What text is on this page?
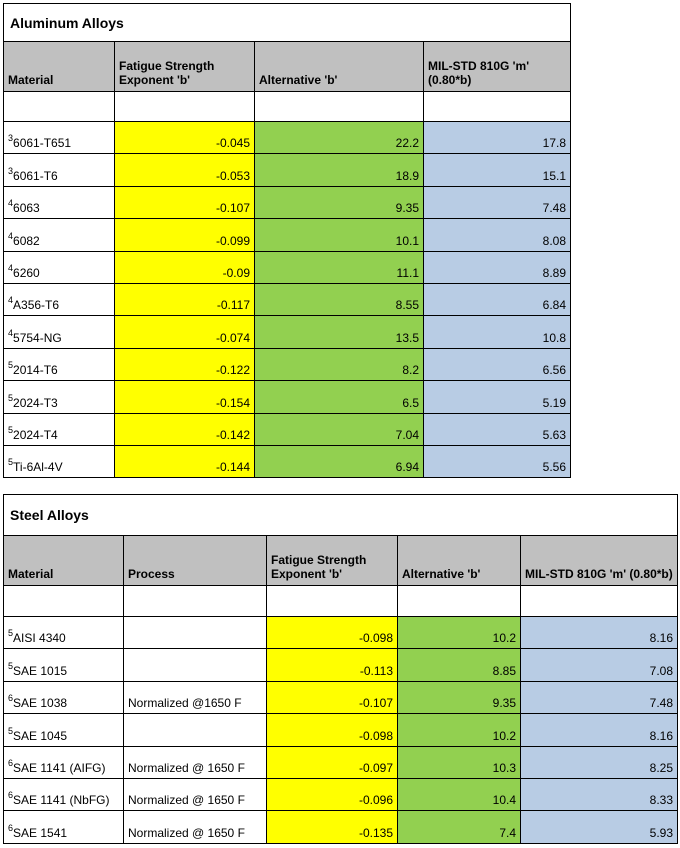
Aluminum Alloys			
Material	Fatigue Strength Exponent 'b'	Alternative 'b'	MIL-STD 810G 'm' (0.80*b)

$^3$6061-T651	-0.045	22.2	17.8
$^3$6061-T6	-0.053	18.9	15.1
$^4$6063	-0.107	9.35	7.48
$^4$6082	-0.099	10.1	8.08
$^4$6260	-0.09	11.1	8.89
$^4$A356-T6	-0.117	8.55	6.84
$^4$5754-NG	-0.074	13.5	10.8
$^5$2014-T6	-0.122	8.2	6.56
$^5$2024-T3	-0.154	6.5	5.19
$^5$2024-T4	-0.142	7.04	5.63
$^5$Ti-6Al-4V	-0.144	6.94	5.56
Steel Alloys				
Material	Process	Fatigue Strength Exponent 'b'	Alternative 'b'	MIL-STD 810G 'm' (0.80*b)

$^5$AISI 4340		-0.098	10.2	8.16
$^5$SAE 1015		-0.113	8.85	7.08
$^6$SAE 1038	Normalized @1650 F	-0.107	9.35	7.48
$^5$SAE 1045		-0.098	10.2	8.16
$^6$SAE 1141 (AIFG)	Normalized @ 1650 F	-0.097	10.3	8.25
$^6$SAE 1141 (NbFG)	Normalized @ 1650 F	-0.096	10.4	8.33
$^6$SAE 1541	Normalized @ 1650 F	-0.135	7.4	5.93
